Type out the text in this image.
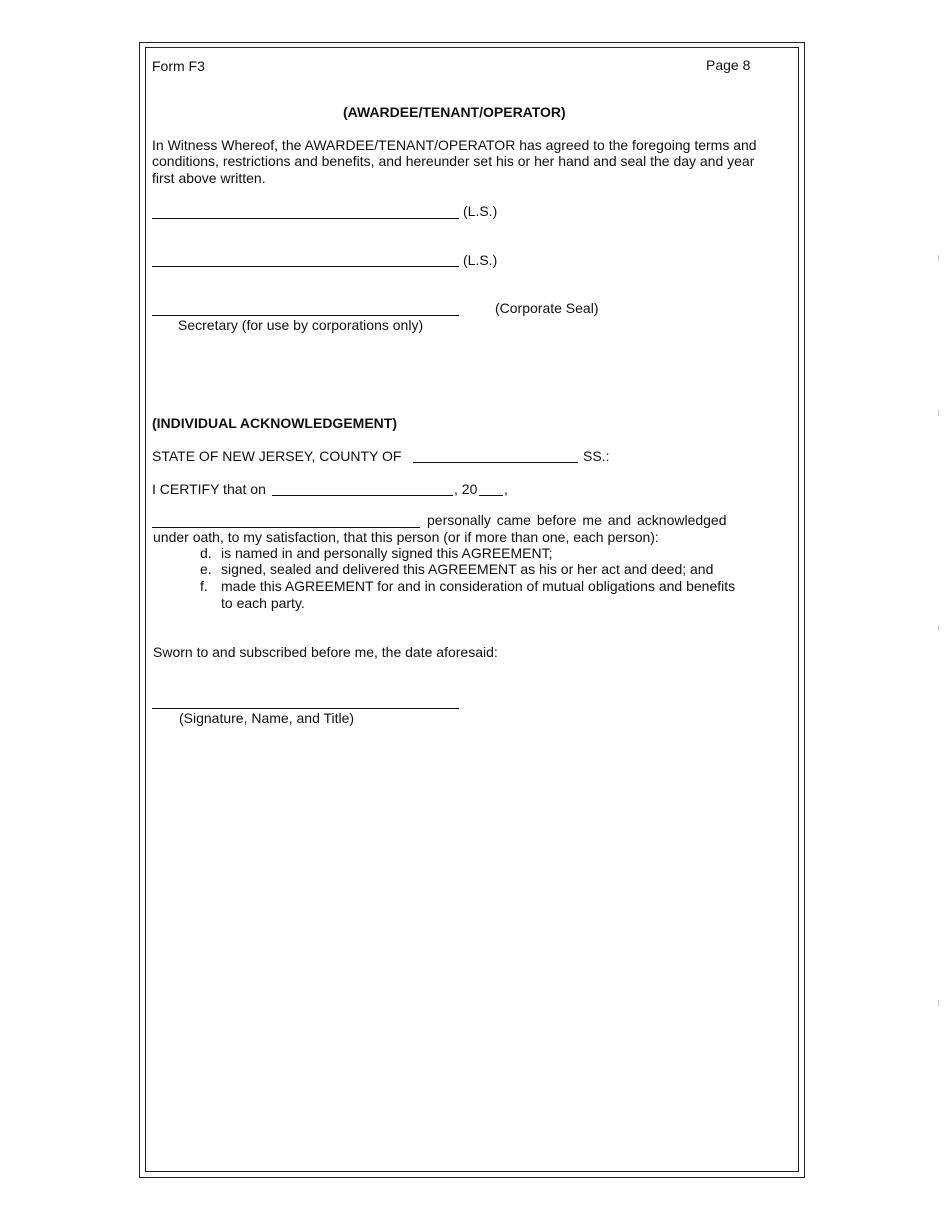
Form F3	Page 8
(AWARDEE/TENANT/OPERATOR)
In Witness Whereof, the AWARDEE/TENANT/OPERATOR has agreed to the foregoing terms and
conditions, restrictions and benefits, and hereunder set his or her hand and seal the day and year
first above written.
(L.S.)
(L.S.)
(Corporate Seal)
Secretary (for use by corporations only)
(INDIVIDUAL ACKNOWLEDGEMENT)
STATE OF NEW JERSEY, COUNTY OF	SS.:
I CERTIFY that on	, 20 ,
personally came before me and acknowledged
under oath, to my satisfaction, that this person (or if more than one, each person):
d. is named in and personally signed this AGREEMENT;
e. signed, sealed and delivered this AGREEMENT as his or her act and deed; and
f. made this AGREEMENT for and in consideration of mutual obligations and benefits
to each party.
Sworn to and subscribed before me, the date aforesaid:
(Signature, Name, and Title)
